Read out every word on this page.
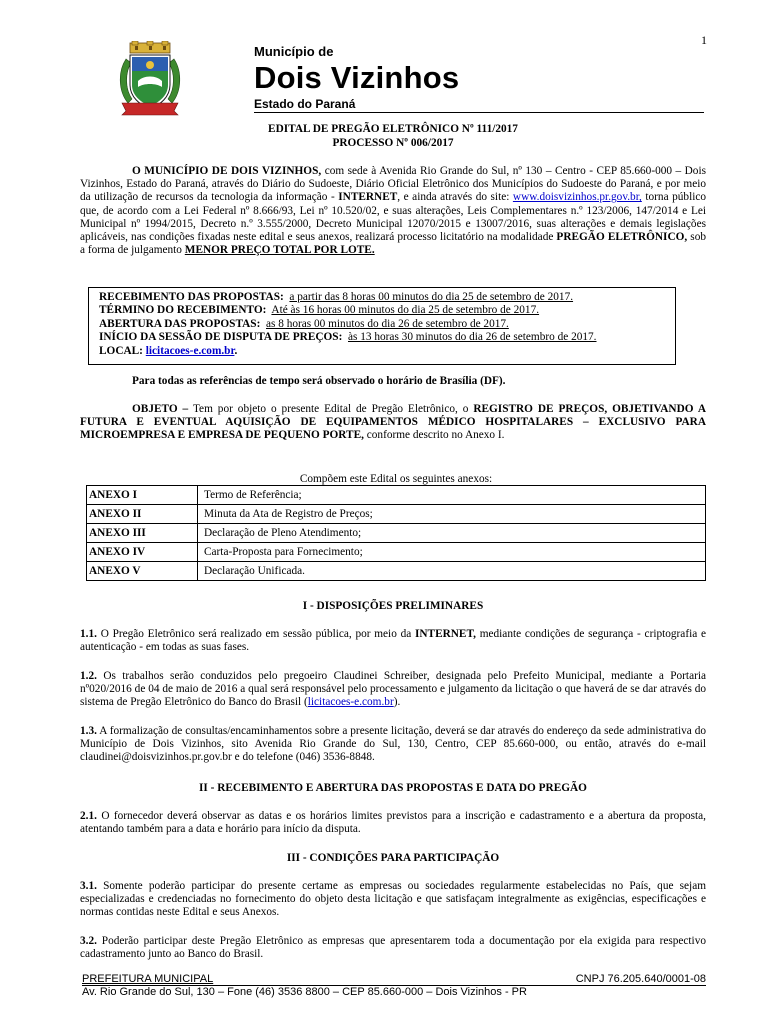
1
Município de
Dois Vizinhos
Estado do Paraná
EDITAL DE PREGÃO ELETRÔNICO Nº 111/2017
PROCESSO Nº 006/2017
O MUNICÍPIO DE DOIS VIZINHOS, com sede à Avenida Rio Grande do Sul, nº 130 – Centro - CEP 85.660-000 – Dois Vizinhos, Estado do Paraná, através do Diário do Sudoeste, Diário Oficial Eletrônico dos Municípios do Sudoeste do Paraná, e por meio da utilização de recursos da tecnologia da informação - INTERNET, e ainda através do site: www.doisvizinhos.pr.gov.br, torna público que, de acordo com a Lei Federal nº 8.666/93, Lei nº 10.520/02, e suas alterações, Leis Complementares n.º 123/2006, 147/2014 e Lei Municipal nº 1994/2015, Decreto n.º 3.555/2000, Decreto Municipal 12070/2015 e 13007/2016, suas alterações e demais legislações aplicáveis, nas condições fixadas neste edital e seus anexos, realizará processo licitatório na modalidade PREGÃO ELETRÔNICO, sob a forma de julgamento MENOR PREÇO TOTAL POR LOTE.
RECEBIMENTO DAS PROPOSTAS: a partir das 8 horas 00 minutos do dia 25 de setembro de 2017.
TÉRMINO DO RECEBIMENTO: Até às 16 horas 00 minutos do dia 25 de setembro de 2017.
ABERTURA DAS PROPOSTAS: as 8 horas 00 minutos do dia 26 de setembro de 2017.
INÍCIO DA SESSÃO DE DISPUTA DE PREÇOS: às 13 horas 30 minutos do dia 26 de setembro de 2017.
LOCAL: licitacoes-e.com.br.
Para todas as referências de tempo será observado o horário de Brasília (DF).
OBJETO – Tem por objeto o presente Edital de Pregão Eletrônico, o REGISTRO DE PREÇOS, OBJETIVANDO A FUTURA E EVENTUAL AQUISIÇÃO DE EQUIPAMENTOS MÉDICO HOSPITALARES – EXCLUSIVO PARA MICROEMPRESA E EMPRESA DE PEQUENO PORTE, conforme descrito no Anexo I.
Compõem este Edital os seguintes anexos:
ANEXO I	Termo de Referência;
ANEXO II	Minuta da Ata de Registro de Preços;
ANEXO III	Declaração de Pleno Atendimento;
ANEXO IV	Carta-Proposta para Fornecimento;
ANEXO V	Declaração Unificada.
I - DISPOSIÇÕES PRELIMINARES
1.1. O Pregão Eletrônico será realizado em sessão pública, por meio da INTERNET, mediante condições de segurança - criptografia e autenticação - em todas as suas fases.
1.2. Os trabalhos serão conduzidos pelo pregoeiro Claudinei Schreiber, designada pelo Prefeito Municipal, mediante a Portaria nº020/2016 de 04 de maio de 2016 a qual será responsável pelo processamento e julgamento da licitação o que haverá de se dar através do sistema de Pregão Eletrônico do Banco do Brasil (licitacoes-e.com.br).
1.3. A formalização de consultas/encaminhamentos sobre a presente licitação, deverá se dar através do endereço da sede administrativa do Município de Dois Vizinhos, sito Avenida Rio Grande do Sul, 130, Centro, CEP 85.660-000, ou então, através do e-mail claudinei@doisvizinhos.pr.gov.br e do telefone (046) 3536-8848.
II - RECEBIMENTO E ABERTURA DAS PROPOSTAS E DATA DO PREGÃO
2.1. O fornecedor deverá observar as datas e os horários limites previstos para a inscrição e cadastramento e a abertura da proposta, atentando também para a data e horário para início da disputa.
III - CONDIÇÕES PARA PARTICIPAÇÃO
3.1. Somente poderão participar do presente certame as empresas ou sociedades regularmente estabelecidas no País, que sejam especializadas e credenciadas no fornecimento do objeto desta licitação e que satisfaçam integralmente as exigências, especificações e normas contidas neste Edital e seus Anexos.
3.2. Poderão participar deste Pregão Eletrônico as empresas que apresentarem toda a documentação por ela exigida para respectivo cadastramento junto ao Banco do Brasil.
PREFEITURA MUNICIPAL	CNPJ 76.205.640/0001-08
Av. Rio Grande do Sul, 130 – Fone (46) 3536 8800 – CEP 85.660-000 – Dois Vizinhos - PR
